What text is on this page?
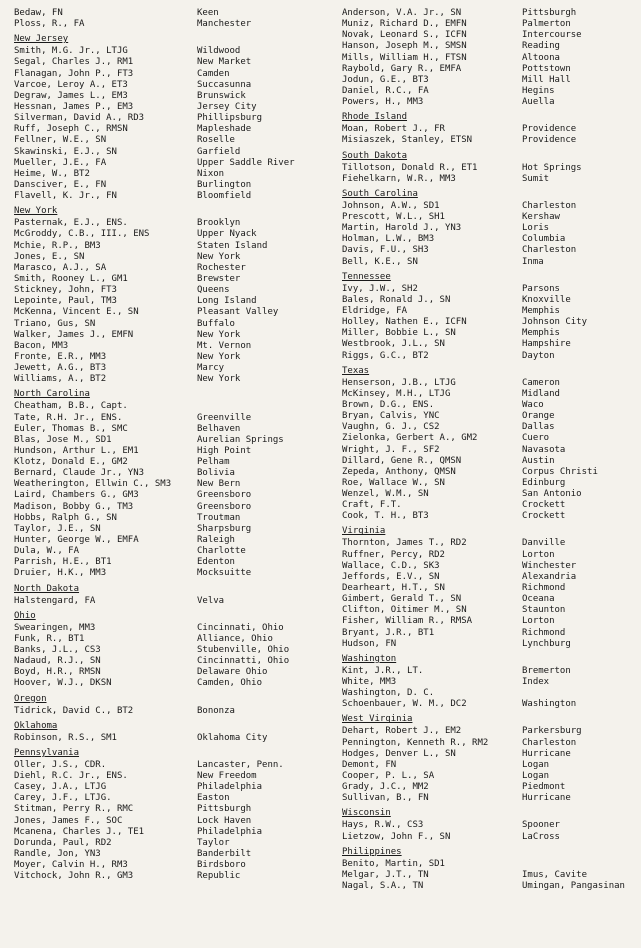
Bedaw, FN	Keen
Ploss, R., FA	Manchester
New Jersey
Smith, M.G. Jr., LTJG	Wildwood
Segal, Charles J., RM1	New Market
Flanagan, John P., FT3	Camden
Varcoe, Leroy A., ET3	Succasunna
Degraw, James L., EM3	Brunswick
Hessnan, James P., EM3	Jersey City
Silverman, David A., RD3	Phillipsburg
Ruff, Joseph C., RMSN	Mapleshade
Fellner, W.E., SN	Roselle
Skawinski, E.J., SN	Garfield
Mueller, J.E., FA	Upper Saddle River
Heime, W., BT2	Nixon
Dansciver, E., FN	Burlington
Flavell, K. Jr., FN	Bloomfield
New York
Pasternak, E.J., ENS.	Brooklyn
McGroddy, C.B., III., ENS	Upper Nyack
Mchie, R.P., BM3	Staten Island
Jones, E., SN	New York
Marasco, A.J., SA	Rochester
Smith, Rooney L., GM1	Brewster
Stickney, John, FT3	Queens
Lepointe, Paul, TM3	Long Island
McKenna, Vincent E., SN	Pleasant Valley
Triano, Gus, SN	Buffalo
Walker, James J., EMFN	New York
Bacon, MM3	Mt. Vernon
Fronte, E.R., MM3	New York
Jewett, A.G., BT3	Marcy
Williams, A., BT2	New York
North Carolina
Cheatham, B.B., Capt.
Tate, R.H. Jr., ENS.	Greenville
Euler, Thomas B., SMC	Belhaven
Blas, Jose M., SD1	Aurelian Springs
Hundson, Arthur L., EM1	High Point
Klotz, Donald E., GM2	Pelham
Bernard, Claude Jr., YN3	Bolivia
Weatherington, Ellwin C., SM3	New Bern
Laird, Chambers G., GM3	Greensboro
Madison, Bobby G., TM3	Greensboro
Hobbs, Ralph G., SN	Troutman
Taylor, J.E., SN	Sharpsburg
Hunter, George W., EMFA	Raleigh
Dula, W., FA	Charlotte
Parrish, H.E., BT1	Edenton
Druier, H.K., MM3	Mocksuitte
North Dakota
Halstengard, FA	Velva
Ohio
Swearingen, MM3	Cincinnati, Ohio
Funk, R., BT1	Alliance, Ohio
Banks, J.L., CS3	Stubenville, Ohio
Nadaud, R.J., SN	Cincinnatti, Ohio
Boyd, H.R., RMSN	Delaware Ohio
Hoover, W.J., DKSN	Camden, Ohio
Oregon
Tidrick, David C., BT2	Bononza
Oklahoma
Robinson, R.S., SM1	Oklahoma City
Pennsylvania
Oller, J.S., CDR.	Lancaster, Penn.
Diehl, R.C. Jr., ENS.	New Freedom
Casey, J.A., LTJG	Philadelphia
Carey, J.F., LTJG.	Easton
Stitman, Perry R., RMC	Pittsburgh
Jones, James F., SOC	Lock Haven
Mcanena, Charles J., TE1	Philadelphia
Dorunda, Paul, RD2	Taylor
Randle, Jon, YN3	Banderbilt
Moyer, Calvin H., RM3	Birdsboro
Vitchock, John R., GM3	Republic
Anderson, V.A. Jr., SN	Pittsburgh
Muniz, Richard D., EMFN	Palmerton
Novak, Leonard S., ICFN	Intercourse
Hanson, Joseph M., SMSN	Reading
Mills, William H., FTSN	Altoona
Raybold, Gary R., EMFA	Pottstown
Jodun, G.E., BT3	Mill Hall
Daniel, R.C., FA	Hegins
Powers, H., MM3	Auella
Rhode Island
Moan, Robert J., FR	Providence
Misiaszek, Stanley, ETSN	Providence
South Dakota
Tillotson, Donald R., ET1	Hot Springs
Fiehelkarn, W.R., MM3	Sumit
South Carolina
Johnson, A.W., SD1	Charleston
Prescott, W.L., SH1	Kershaw
Martin, Harold J., YN3	Loris
Holman, L.W., BM3	Columbia
Davis, F.U., SH3	Charleston
Bell, K.E., SN	Inma
Tennessee
Ivy, J.W., SH2	Parsons
Bales, Ronald J., SN	Knoxville
Eldridge, FA	Memphis
Holley, Nathen E., ICFN	Johnson City
Miller, Bobbie L., SN	Memphis
Westbrook, J.L., SN	Hampshire
Riggs, G.C., BT2	Dayton
Texas
Henserson, J.B., LTJG	Cameron
McKinsey, M.H., LTJG	Midland
Brown, D.G., ENS.	Waco
Bryan, Calvis, YNC	Orange
Vaughn, G. J., CS2	Dallas
Zielonka, Gerbert A., GM2	Cuero
Wright, J. F., SF2	Navasota
Dillard, Gene R., QMSN	Austin
Zepeda, Anthony, QMSN	Corpus Christi
Roe, Wallace W., SN	Edinburg
Wenzel, W.M., SN	San Antonio
Craft, F.T.	Crockett
Cook, T. H., BT3	Crockett
Virginia
Thornton, James T., RD2	Danville
Ruffner, Percy, RD2	Lorton
Wallace, C.D., SK3	Winchester
Jeffords, E.V., SN	Alexandria
Dearheart, H.T., SN	Richmond
Gimbert, Gerald T., SN	Oceana
Clifton, Oitimer M., SN	Staunton
Fisher, William R., RMSA	Lorton
Bryant, J.R., BT1	Richmond
Hudson, FN	Lynchburg
Washington
Kint, J.R., LT.	Bremerton
White, MM3	Index
Washington, D. C.
Schoenbauer, W. M., DC2	Washington
West Virginia
Dehart, Robert J., EM2	Parkersburg
Pennington, Kenneth R., RM2	Charleston
Hodges, Denver L., SN	Hurricane
Demont, FN	Logan
Cooper, P. L., SA	Logan
Grady, J.C., MM2	Piedmont
Sullivan, B., FN	Hurricane
Wisconsin
Hays, R.W., CS3	Spooner
Lietzow, John F., SN	LaCross
Philippines
Benito, Martin, SD1
Melgar, J.T., TN	Imus, Cavite
Nagal, S.A., TN	Umingan, Pangasinan
